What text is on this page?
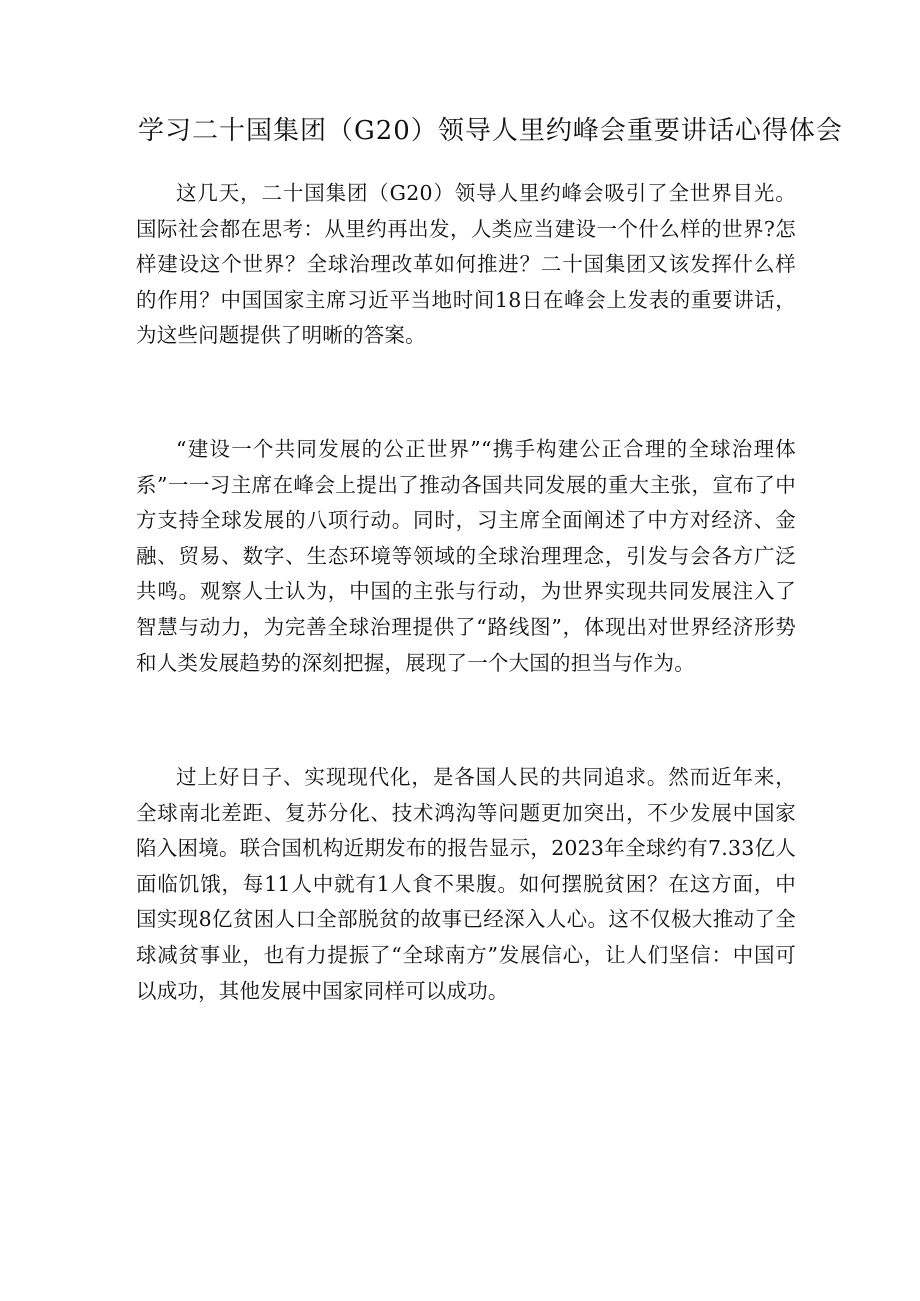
学习二十国集团（G20）领导人里约峰会重要讲话心得体会

这几天，二十国集团（G20）领导人里约峰会吸引了全世界目光。国际社会都在思考：从里约再出发，人类应当建设一个什么样的世界?怎样建设这个世界？全球治理改革如何推进？二十国集团又该发挥什么样的作用？中国国家主席习近平当地时间18日在峰会上发表的重要讲话，为这些问题提供了明晰的答案。

“建设一个共同发展的公正世界”“携手构建公正合理的全球治理体系”一一习主席在峰会上提出了推动各国共同发展的重大主张，宣布了中方支持全球发展的八项行动。同时，习主席全面阐述了中方对经济、金融、贸易、数字、生态环境等领域的全球治理理念，引发与会各方广泛共鸣。观察人士认为，中国的主张与行动，为世界实现共同发展注入了智慧与动力，为完善全球治理提供了“路线图”，体现出对世界经济形势和人类发展趋势的深刻把握，展现了一个大国的担当与作为。

过上好日子、实现现代化，是各国人民的共同追求。然而近年来，全球南北差距、复苏分化、技术鸿沟等问题更加突出，不少发展中国家陷入困境。联合国机构近期发布的报告显示，2023年全球约有7.33亿人面临饥饿，每11人中就有1人食不果腹。如何摆脱贫困？在这方面，中国实现8亿贫困人口全部脱贫的故事已经深入人心。这不仅极大推动了全球减贫事业，也有力提振了“全球南方”发展信心，让人们坚信：中国可以成功，其他发展中国家同样可以成功。
